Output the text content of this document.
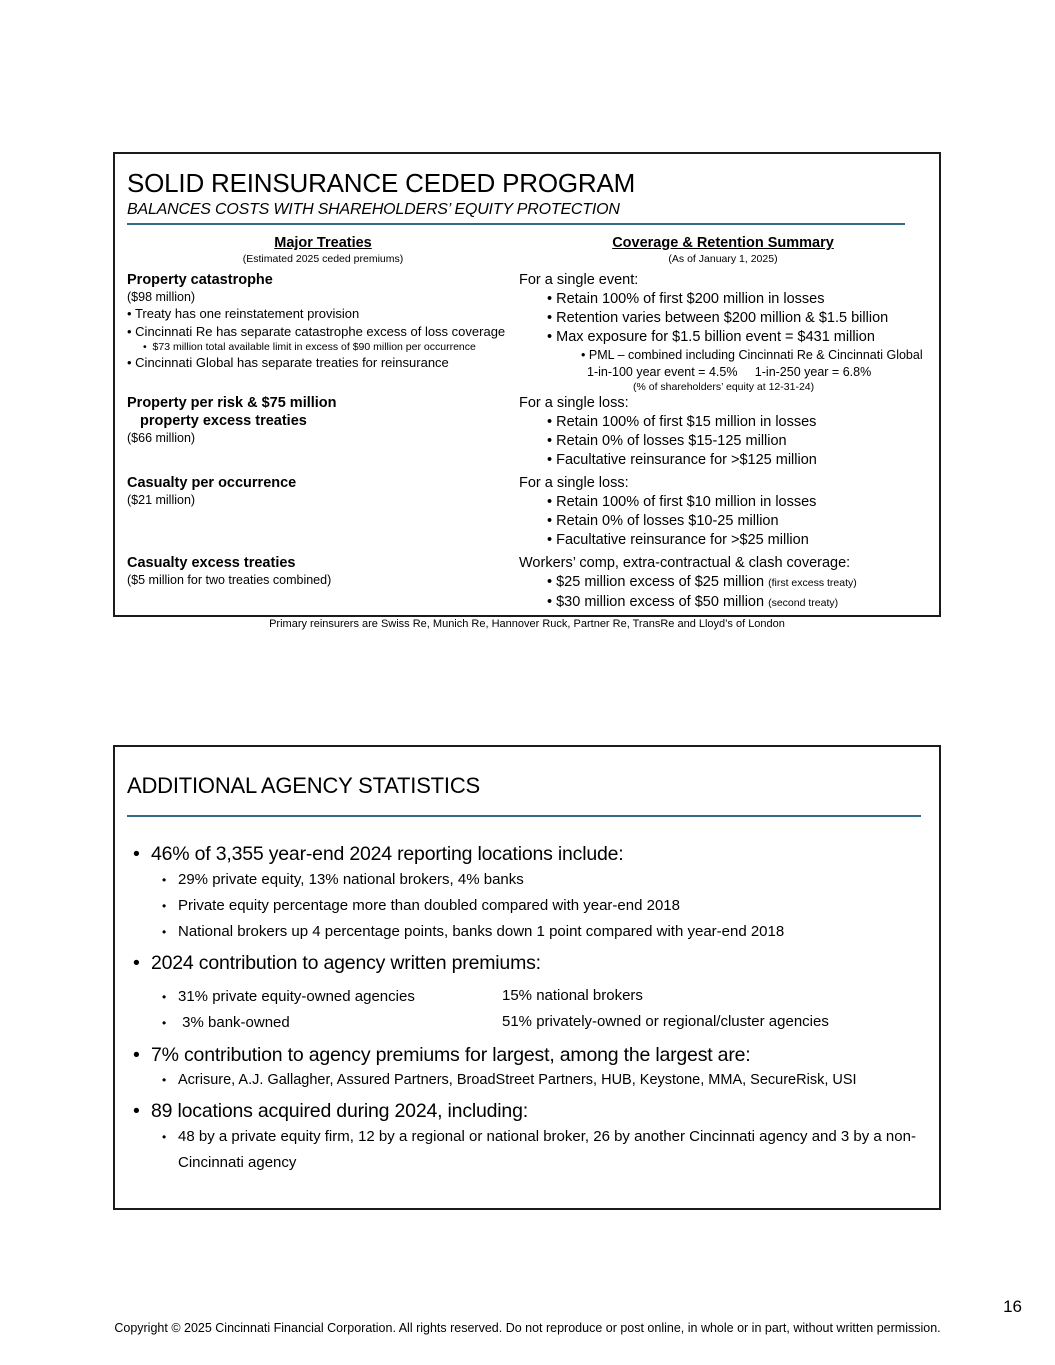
SOLID REINSURANCE CEDED PROGRAM
BALANCES COSTS WITH SHAREHOLDERS’ EQUITY PROTECTION
Major Treaties
(Estimated 2025 ceded premiums)
Coverage & Retention Summary
(As of January 1, 2025)
Property catastrophe
($98 million)
• Treaty has one reinstatement provision
• Cincinnati Re has separate catastrophe excess of loss coverage
•  $73 million total available limit in excess of $90 million per occurrence
• Cincinnati Global has separate treaties for reinsurance
For a single event:
• Retain 100% of first $200 million in losses
• Retention varies between $200 million & $1.5 billion
• Max exposure for $1.5 billion event = $431 million
• PML – combined including Cincinnati Re & Cincinnati Global
1-in-100 year event = 4.5%     1-in-250 year = 6.8%
(% of shareholders’ equity at 12-31-24)
Property per risk & $75 million
property excess treaties
($66 million)
For a single loss:
• Retain 100% of first $15 million in losses
• Retain 0% of losses $15-125 million
• Facultative reinsurance for >$125 million
Casualty per occurrence
($21 million)
For a single loss:
• Retain 100% of first $10 million in losses
• Retain 0% of losses $10-25 million
• Facultative reinsurance for >$25 million
Casualty excess treaties
($5 million for two treaties combined)
Workers’ comp, extra-contractual & clash coverage:
• $25 million excess of $25 million (first excess treaty)
• $30 million excess of $50 million (second treaty)
Primary reinsurers are Swiss Re, Munich Re, Hannover Ruck, Partner Re, TransRe and Lloyd’s of London
ADDITIONAL AGENCY STATISTICS
• 46% of 3,355 year-end 2024 reporting locations include:
• 29% private equity, 13% national brokers, 4% banks
• Private equity percentage more than doubled compared with year-end 2018
• National brokers up 4 percentage points, banks down 1 point compared with year-end 2018
• 2024 contribution to agency written premiums:
• 31% private equity-owned agencies	15% national brokers
•  3% bank-owned	51% privately-owned or regional/cluster agencies
• 7% contribution to agency premiums for largest, among the largest are:
• Acrisure, A.J. Gallagher, Assured Partners, BroadStreet Partners, HUB, Keystone, MMA, SecureRisk, USI
• 89 locations acquired during 2024, including:
• 48 by a private equity firm, 12 by a regional or national broker, 26 by another Cincinnati agency and 3 by a non-Cincinnati agency
16
Copyright © 2025 Cincinnati Financial Corporation. All rights reserved. Do not reproduce or post online, in whole or in part, without written permission.
